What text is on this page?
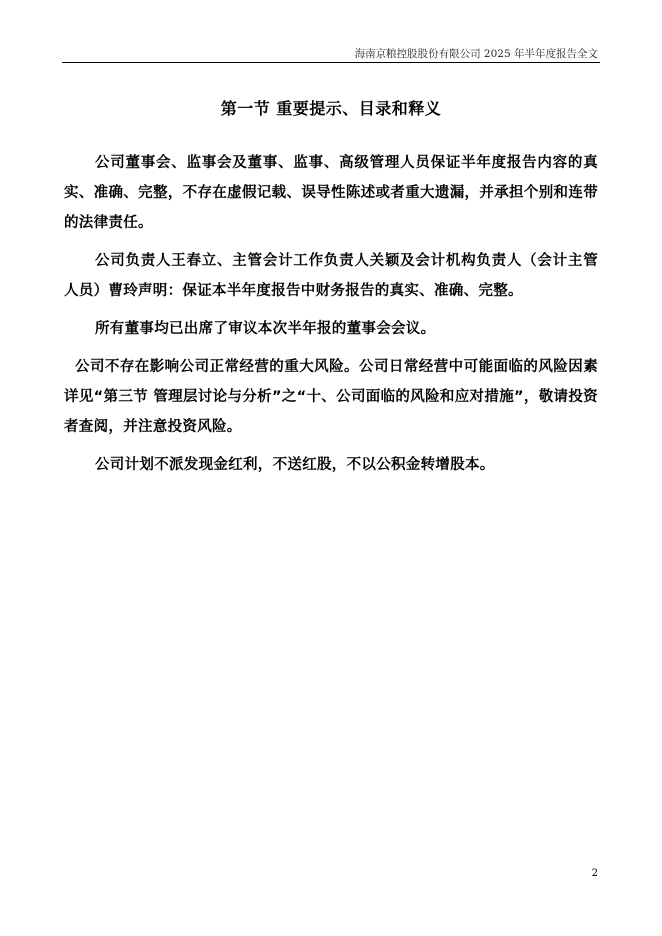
海南京粮控股股份有限公司 2025 年半年度报告全文
第一节 重要提示、目录和释义

公司董事会、监事会及董事、监事、高级管理人员保证半年度报告内容的真实、准确、完整，不存在虚假记载、误导性陈述或者重大遗漏，并承担个别和连带的法律责任。

公司负责人王春立、主管会计工作负责人关颖及会计机构负责人（会计主管人员）曹玲声明：保证本半年度报告中财务报告的真实、准确、完整。

所有董事均已出席了审议本次半年报的董事会会议。

公司不存在影响公司正常经营的重大风险。公司日常经营中可能面临的风险因素详见“第三节 管理层讨论与分析”之“十、公司面临的风险和应对措施”，敬请投资者查阅，并注意投资风险。

公司计划不派发现金红利，不送红股，不以公积金转增股本。

2
